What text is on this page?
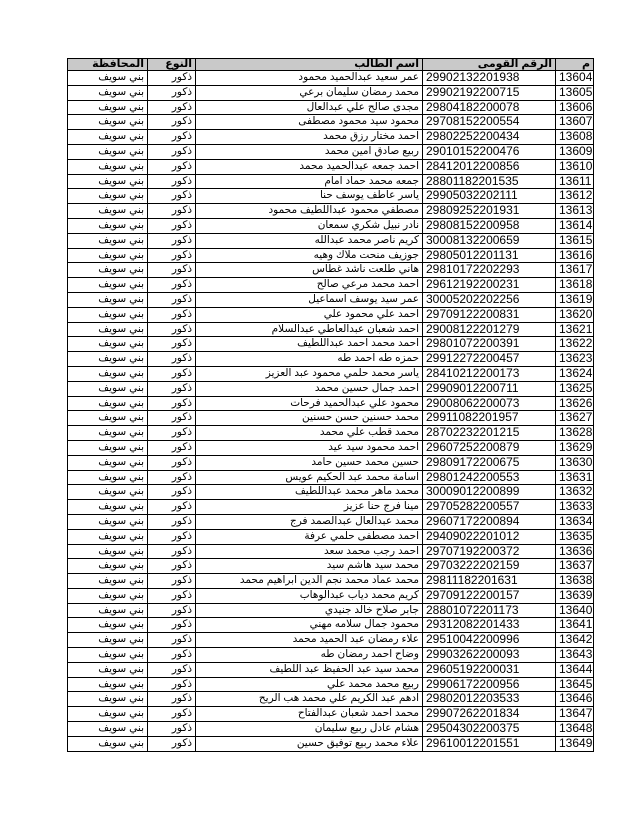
م	الرقم القومى	اسم الطالب	النوع	المحافظة
13604	29902132201938	عمر سعيد عبدالحميد محمود	ذكور	بني سويف
13605	29902192200715	محمد رمضان سليمان برعي	ذكور	بني سويف
13606	29804182200078	مجدى صالح علي عبدالعال	ذكور	بني سويف
13607	29708152200554	محمود سيد محمود مصطفى	ذكور	بني سويف
13608	29802252200434	احمد مختار رزق محمد	ذكور	بني سويف
13609	29010152200476	ربيع صادق امين محمد	ذكور	بني سويف
13610	28412012200856	احمد جمعه عبدالحميد محمد	ذكور	بني سويف
13611	28801182201535	جمعه محمد حماد امام	ذكور	بني سويف
13612	29905032202111	ياسر عاطف يوسف حنا	ذكور	بني سويف
13613	29809252201931	مصطفي محمود عبداللطيف محمود	ذكور	بني سويف
13614	29808152200958	نادر نبيل شكري سمعان	ذكور	بني سويف
13615	30008132200659	كريم ناصر محمد عبدالله	ذكور	بني سويف
13616	29805012201131	جوزيف منحت ملاك وهيه	ذكور	بني سويف
13617	29810172202293	هاني طلعت ناشد غطاس	ذكور	بني سويف
13618	29612192200231	احمد محمد مرعي صالح	ذكور	بني سويف
13619	30005202202256	عمر سيد يوسف اسماعيل	ذكور	بني سويف
13620	29709122200831	احمد علي محمود علي	ذكور	بني سويف
13621	29008122201279	احمد شعبان عبدالعاطي عبدالسلام	ذكور	بني سويف
13622	29801072200391	احمد محمد احمد عبداللطيف	ذكور	بني سويف
13623	29912272200457	حمزه طه احمد طه	ذكور	بني سويف
13624	28410212200173	ياسر محمد حلمي محمود عبد العزيز	ذكور	بني سويف
13625	29909012200711	احمد جمال حسين محمد	ذكور	بني سويف
13626	29008062200073	محمود علي عبدالحميد فرحات	ذكور	بني سويف
13627	29911082201957	محمد حسنين حسن حسنين	ذكور	بني سويف
13628	28702232201215	محمد قطب علي محمد	ذكور	بني سويف
13629	29607252200879	احمد محمود سيد عيد	ذكور	بني سويف
13630	29809172200675	حسين محمد حسين حامد	ذكور	بني سويف
13631	29801242200553	اسامة محمد عبد الحكيم عويس	ذكور	بني سويف
13632	30009012200899	محمد ماهر محمد عبداللطيف	ذكور	بني سويف
13633	29705282200557	مينا فرج حنا عزيز	ذكور	بني سويف
13634	29607172200894	محمد عبدالعال عبدالصمد فرج	ذكور	بني سويف
13635	29409022201012	احمد مصطفى حلمي عرفة	ذكور	بني سويف
13636	29707192200372	احمد رجب محمد سعد	ذكور	بني سويف
13637	29703222202159	محمد سيد هاشم سيد	ذكور	بني سويف
13638	29811182201631	محمد عماد محمد نجم الدين ابراهيم محمد	ذكور	بني سويف
13639	29709122200157	كريم محمد دياب عبدالوهاب	ذكور	بني سويف
13640	28801072201173	جابر صلاح خالد جنيدي	ذكور	بني سويف
13641	29312082201433	محمود جمال سلامه مهني	ذكور	بني سويف
13642	29510042200996	علاء رمضان عبد الحميد محمد	ذكور	بني سويف
13643	29903262200093	وضاح احمد رمضان طه	ذكور	بني سويف
13644	29605192200031	محمد سيد عبد الحفيظ عبد اللطيف	ذكور	بني سويف
13645	29906172200956	ربيع محمد محمد علي	ذكور	بني سويف
13646	29802012203533	ادهم عبد الكريم علي محمد هب الريح	ذكور	بني سويف
13647	29907262201834	محمد احمد شعبان عبدالفتاح	ذكور	بني سويف
13648	29504302200375	هشام عادل ربيع سليمان	ذكور	بني سويف
13649	29610012201551	علاء محمد ربيع توفيق حسين	ذكور	بني سويف
